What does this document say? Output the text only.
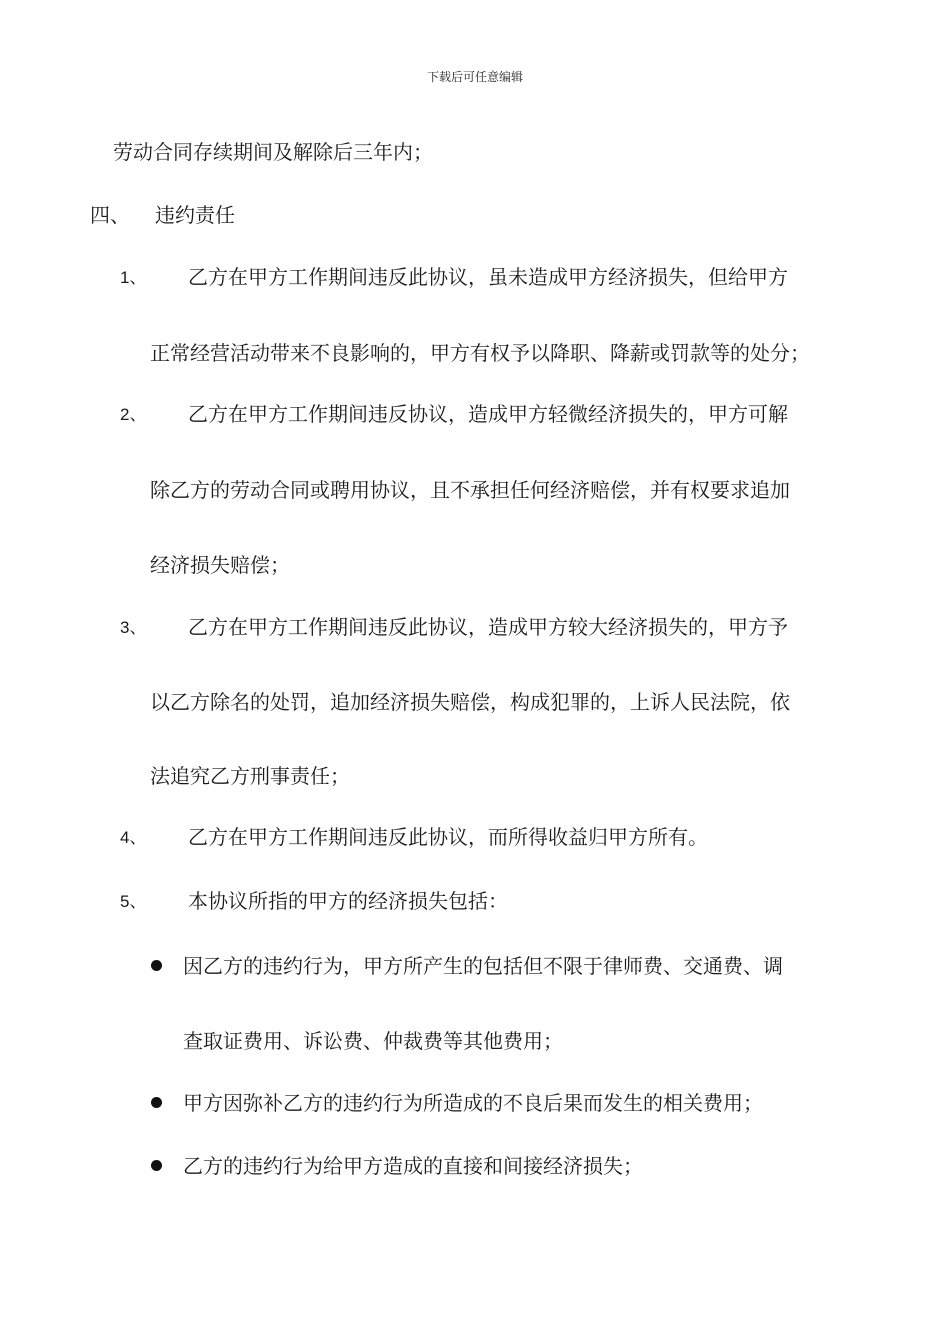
下载后可任意编辑
劳动合同存续期间及解除后三年内；
四、 违约责任
1、 乙方在甲方工作期间违反此协议，虽未造成甲方经济损失，但给甲方
正常经营活动带来不良影响的，甲方有权予以降职、降薪或罚款等的处分；
2、 乙方在甲方工作期间违反协议，造成甲方轻微经济损失的，甲方可解
除乙方的劳动合同或聘用协议，且不承担任何经济赔偿，并有权要求追加
经济损失赔偿；
3、 乙方在甲方工作期间违反此协议，造成甲方较大经济损失的，甲方予
以乙方除名的处罚，追加经济损失赔偿，构成犯罪的，上诉人民法院，依
法追究乙方刑事责任；
4、 乙方在甲方工作期间违反此协议，而所得收益归甲方所有。
5、 本协议所指的甲方的经济损失包括：
因乙方的违约行为，甲方所产生的包括但不限于律师费、交通费、调
查取证费用、诉讼费、仲裁费等其他费用；
甲方因弥补乙方的违约行为所造成的不良后果而发生的相关费用；
乙方的违约行为给甲方造成的直接和间接经济损失；
